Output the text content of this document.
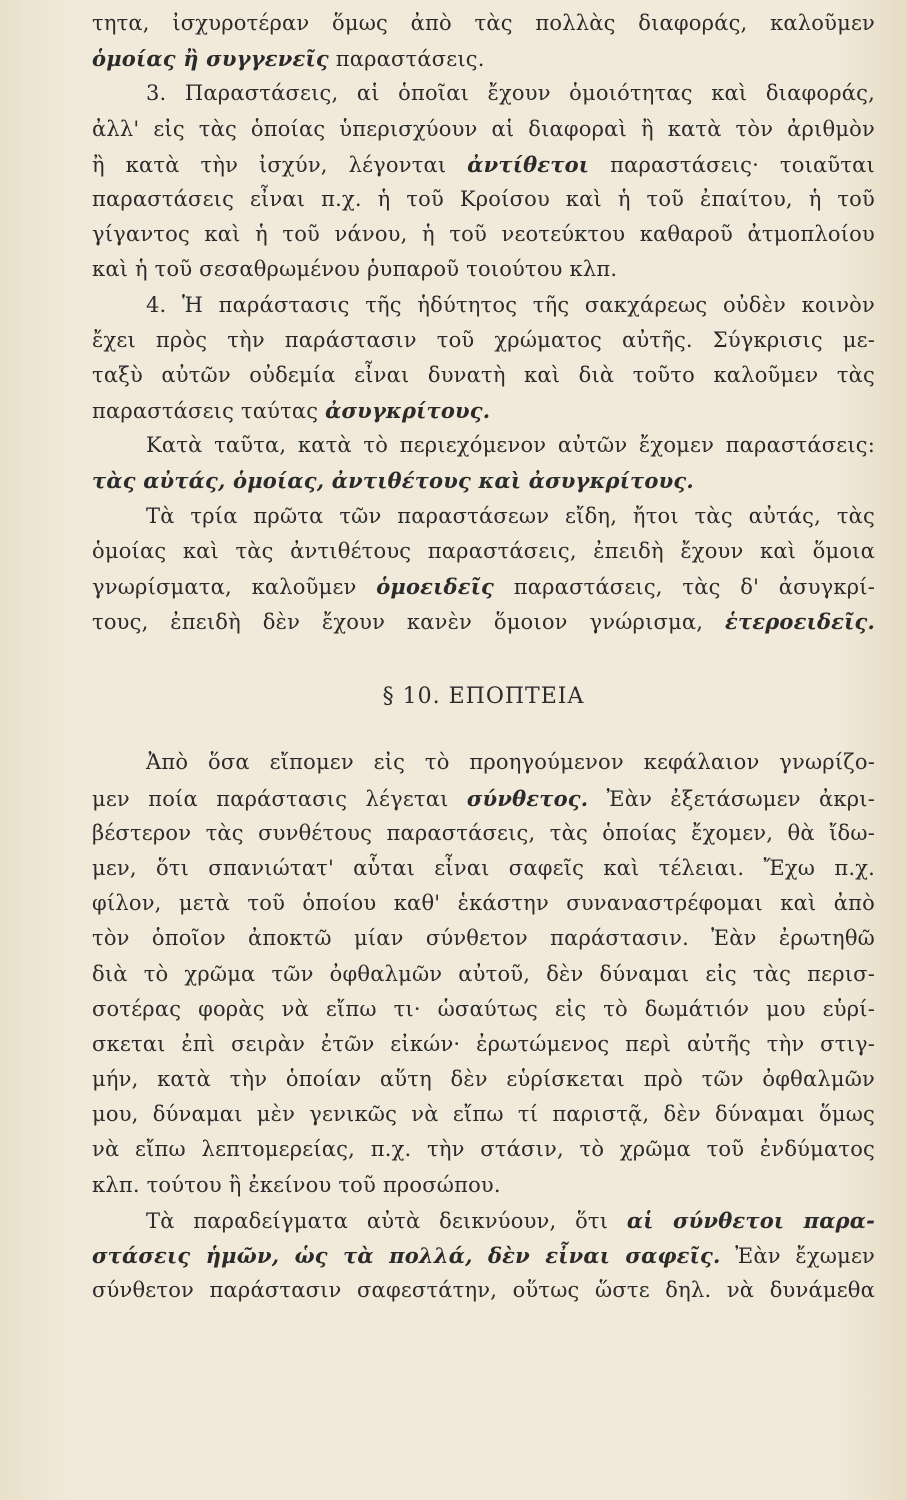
τητα, ἰσχυροτέραν ὅμως ἀπὸ τὰς πολλὰς διαφοράς, καλοῦμεν
ὁμοίας ἢ συγγενεῖς παραστάσεις.
3. Παραστάσεις, αἱ ὁποῖαι ἔχουν ὁμοιότητας καὶ διαφοράς,
ἀλλ' εἰς τὰς ὁποίας ὑπερισχύουν αἱ διαφοραὶ ἢ κατὰ τὸν ἀριθμὸν
ἢ κατὰ τὴν ἰσχύν, λέγονται ἀντίθετοι παραστάσεις· τοιαῦται
παραστάσεις εἶναι π.χ. ἡ τοῦ Κροίσου καὶ ἡ τοῦ ἐπαίτου, ἡ τοῦ
γίγαντος καὶ ἡ τοῦ νάνου, ἡ τοῦ νεοτεύκτου καθαροῦ ἀτμοπλοίου
καὶ ἡ τοῦ σεσαθρωμένου ῥυπαροῦ τοιούτου κλπ.
4. Ἡ παράστασις τῆς ἡδύτητος τῆς σακχάρεως οὐδὲν κοινὸν
ἔχει πρὸς τὴν παράστασιν τοῦ χρώματος αὐτῆς. Σύγκρισις με-
ταξὺ αὐτῶν οὐδεμία εἶναι δυνατὴ καὶ διὰ τοῦτο καλοῦμεν τὰς
παραστάσεις ταύτας ἀσυγκρίτους.
Κατὰ ταῦτα, κατὰ τὸ περιεχόμενον αὐτῶν ἔχομεν παραστάσεις:
τὰς αὐτάς, ὁμοίας, ἀντιθέτους καὶ ἀσυγκρίτους.
Τὰ τρία πρῶτα τῶν παραστάσεων εἴδη, ἤτοι τὰς αὐτάς, τὰς
ὁμοίας καὶ τὰς ἀντιθέτους παραστάσεις, ἐπειδὴ ἔχουν καὶ ὅμοια
γνωρίσματα, καλοῦμεν ὁμοειδεῖς παραστάσεις, τὰς δ' ἀσυγκρί-
τους, ἐπειδὴ δὲν ἔχουν κανὲν ὅμοιον γνώρισμα, ἑτεροειδεῖς.
§ 10. ΕΠΟΠΤΕΙΑ
Ἀπὸ ὅσα εἴπομεν εἰς τὸ προηγούμενον κεφάλαιον γνωρίζο-
μεν ποία παράστασις λέγεται σύνθετος. Ἐὰν ἐξετάσωμεν ἀκρι-
βέστερον τὰς συνθέτους παραστάσεις, τὰς ὁποίας ἔχομεν, θὰ ἴδω-
μεν, ὅτι σπανιώτατ' αὗται εἶναι σαφεῖς καὶ τέλειαι. Ἔχω π.χ.
φίλον, μετὰ τοῦ ὁποίου καθ' ἑκάστην συναναστρέφομαι καὶ ἀπὸ
τὸν ὁποῖον ἀποκτῶ μίαν σύνθετον παράστασιν. Ἐὰν ἐρωτηθῶ
διὰ τὸ χρῶμα τῶν ὀφθαλμῶν αὐτοῦ, δὲν δύναμαι εἰς τὰς περισ-
σοτέρας φορὰς νὰ εἴπω τι· ὡσαύτως εἰς τὸ δωμάτιόν μου εὑρί-
σκεται ἐπὶ σειρὰν ἐτῶν εἰκών· ἐρωτώμενος περὶ αὐτῆς τὴν στιγ-
μήν, κατὰ τὴν ὁποίαν αὕτη δὲν εὑρίσκεται πρὸ τῶν ὀφθαλμῶν
μου, δύναμαι μὲν γενικῶς νὰ εἴπω τί παριστᾷ, δὲν δύναμαι ὅμως
νὰ εἴπω λεπτομερείας, π.χ. τὴν στάσιν, τὸ χρῶμα τοῦ ἐνδύματος
κλπ. τούτου ἢ ἐκείνου τοῦ προσώπου.
Τὰ παραδείγματα αὐτὰ δεικνύουν, ὅτι αἱ σύνθετοι παρα-
στάσεις ἡμῶν, ὡς τὰ πολλά, δὲν εἶναι σαφεῖς. Ἐὰν ἔχωμεν
σύνθετον παράστασιν σαφεστάτην, οὕτως ὥστε δηλ. νὰ δυνάμεθα
